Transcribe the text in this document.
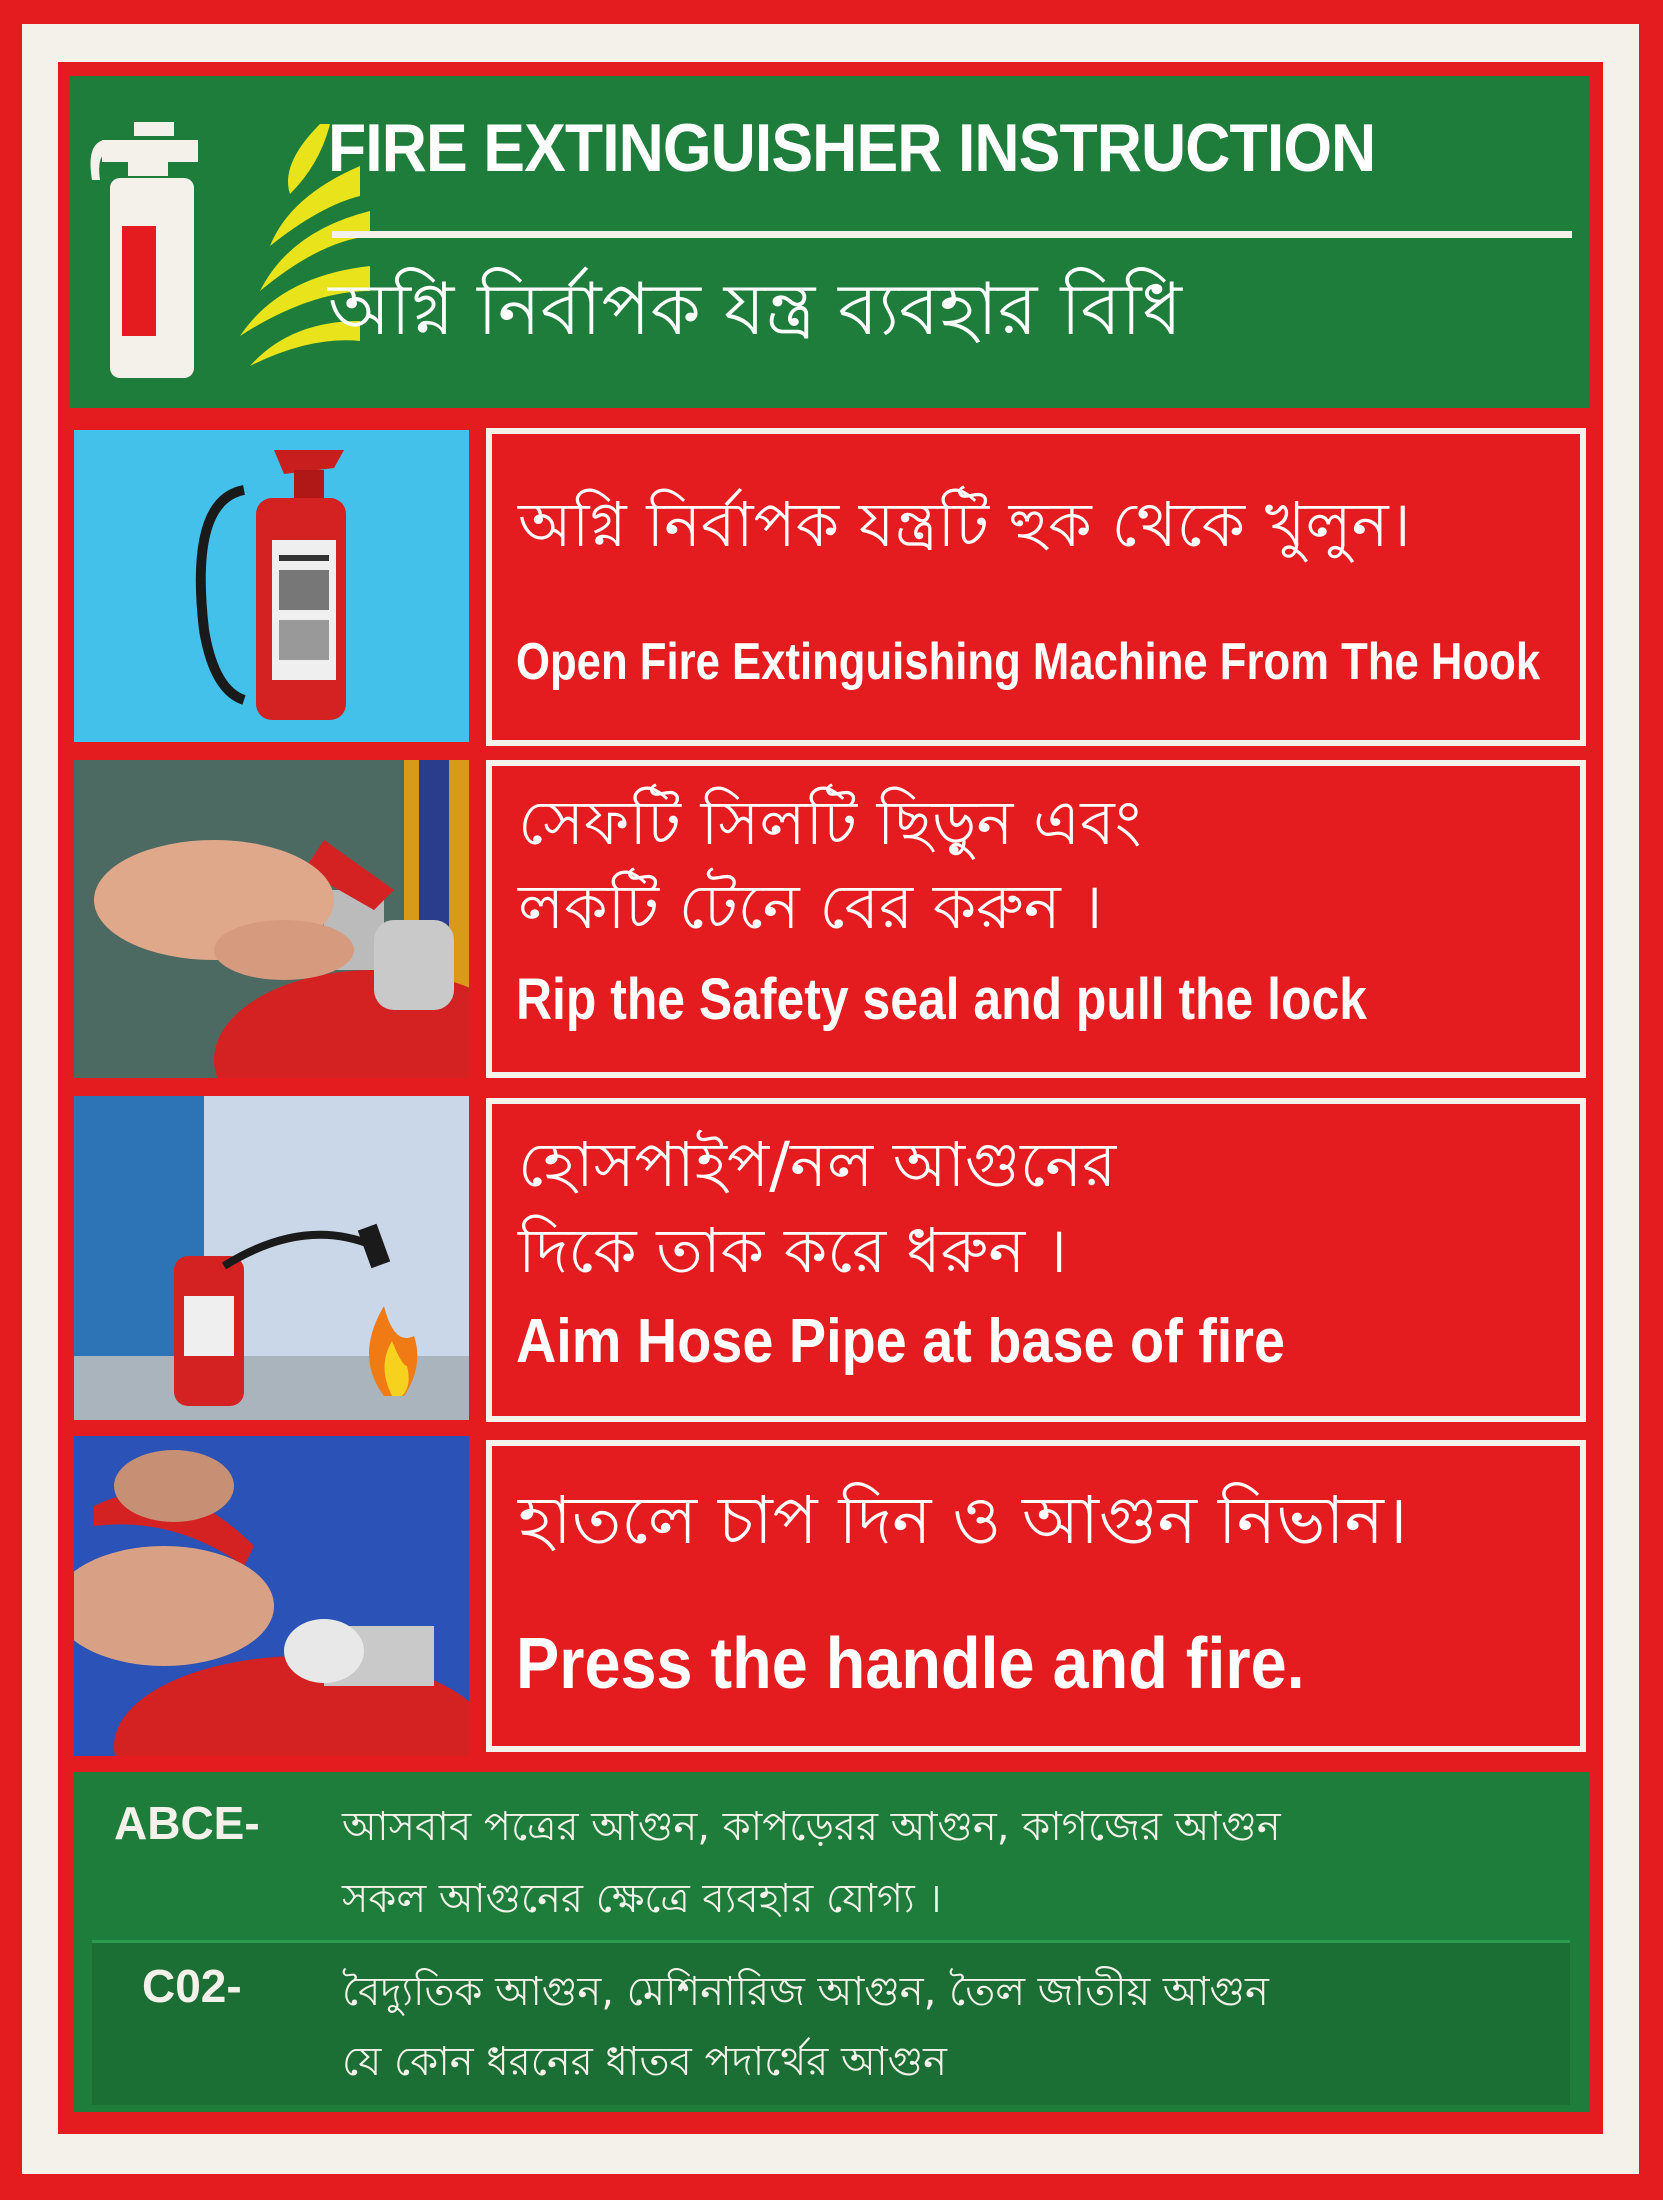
FIRE EXTINGUISHER INSTRUCTION
অগ্নি নির্বাপক যন্ত্র ব্যবহার বিধি
অগ্নি নির্বাপক যন্ত্রটি হুক থেকে খুলুন।
Open Fire Extinguishing Machine From The Hook
সেফটি সিলটি ছিড়ুন এবং
লকটি টেনে বের করুন ।
Rip the Safety seal and pull the lock
হোসপাইপ/নল আগুনের
দিকে তাক করে ধরুন ।
Aim Hose Pipe at base of fire
হাতলে চাপ দিন ও আগুন নিভান।
Press the handle and fire.
ABCE- আসবাব পত্রের আগুন, কাপড়েরর আগুন, কাগজের আগুন
সকল আগুনের ক্ষেত্রে ব্যবহার যোগ্য ।
C02-	বৈদ্যুতিক আগুন, মেশিনারিজ আগুন, তৈল জাতীয় আগুন
যে কোন ধরনের ধাতব পদার্থের আগুন
